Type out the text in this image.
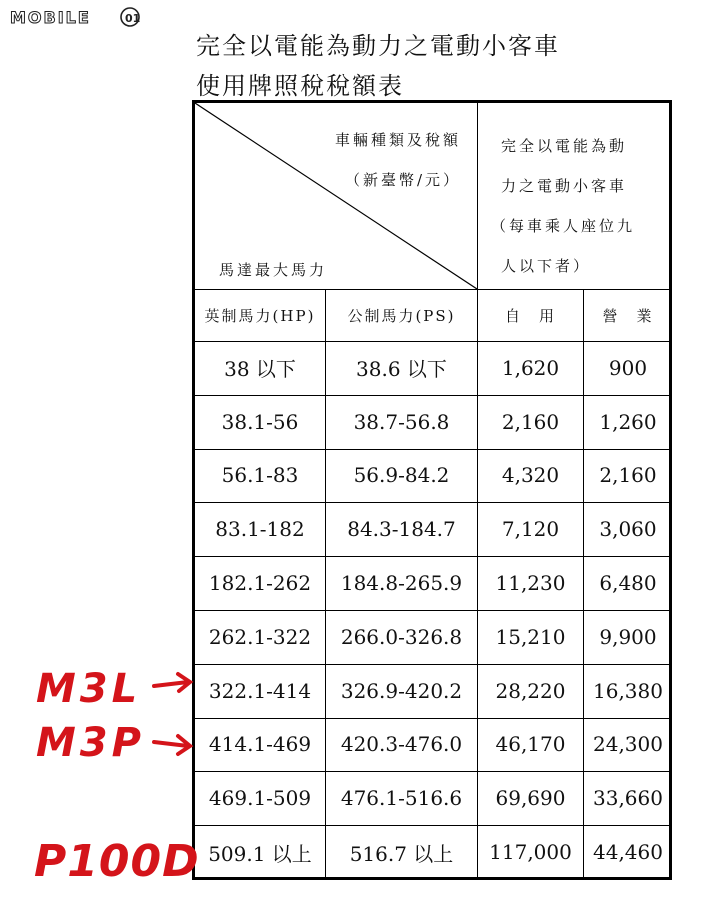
MOBILE	01
完全以電能為動力之電動小客車
使用牌照稅稅額表
車輛種類及稅額
（新臺幣/元）
馬達最大馬力
完全以電能為動
力之電動小客車
（每車乘人座位九
人以下者）
英制馬力(HP)	公制馬力(PS)	自　用	營　業
38 以下	38.6 以下	1,620	900
38.1-56	38.7-56.8	2,160	1,260
56.1-83	56.9-84.2	4,320	2,160
83.1-182	84.3-184.7	7,120	3,060
182.1-262	184.8-265.9	11,230	6,480
262.1-322	266.0-326.8	15,210	9,900
322.1-414	326.9-420.2	28,220	16,380
414.1-469	420.3-476.0	46,170	24,300
469.1-509	476.1-516.6	69,690	33,660
509.1 以上	516.7 以上	117,000	44,460
M3L
M3P
P100D
